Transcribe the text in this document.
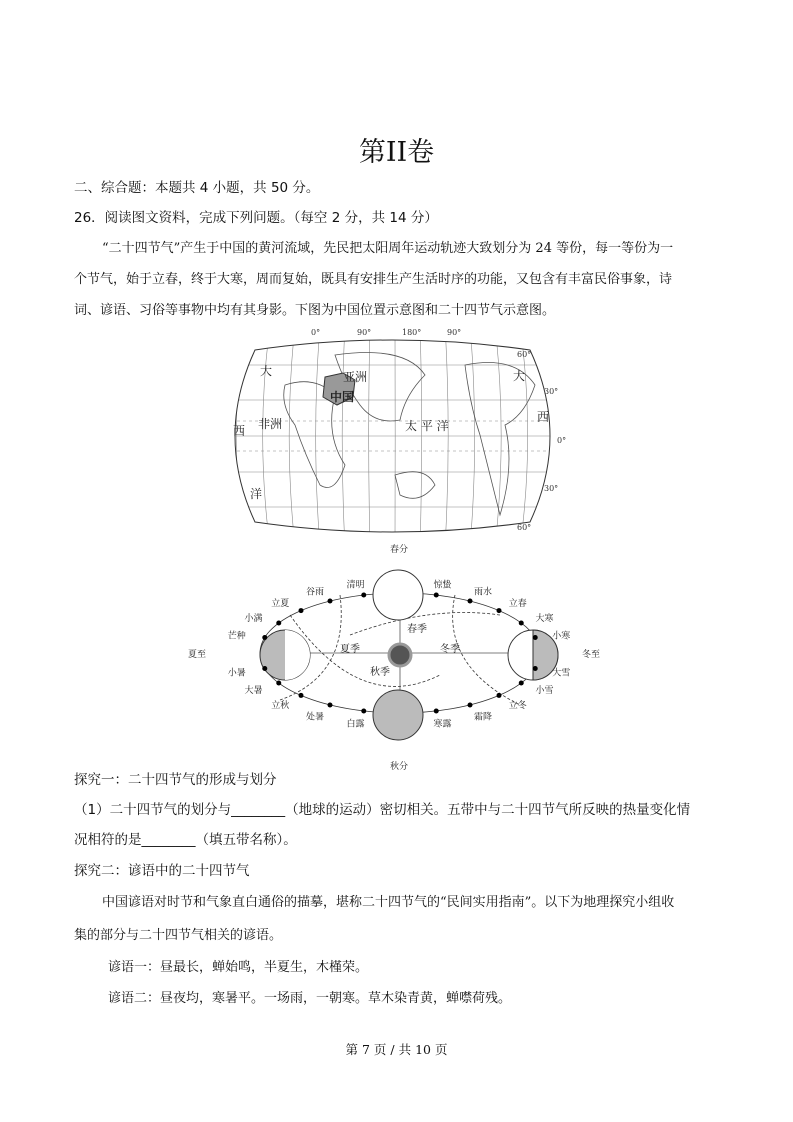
第II卷
二、综合题：本题共 4 小题，共 50 分。
26．阅读图文资料，完成下列问题。（每空 2 分，共 14 分）
“二十四节气”产生于中国的黄河流域，先民把太阳周年运动轨迹大致划分为 24 等份，每一等份为一
个节气，始于立春，终于大寒，周而复始，既具有安排生产生活时序的功能，又包含有丰富民俗事象，诗
词、谚语、习俗等事物中均有其身影。下图为中国位置示意图和二十四节气示意图。
0°	90°	180°	90°
60°
30°
0°
30°
60°
亚洲
中国
非洲	太 平 洋
大
西
洋
大
西
春分
清明
谷雨
立夏
小满
芒种
夏至
小暑
大暑
立秋
处暑
白露
秋分
寒露
霜降
立冬
小雪
大雪
冬至
小寒
大寒
立春
雨水
惊蛰
春季
夏季
秋季
冬季
探究一：二十四节气的形成与划分
（1）二十四节气的划分与________（地球的运动）密切相关。五带中与二十四节气所反映的热量变化情
况相符的是________（填五带名称）。
探究二：谚语中的二十四节气
中国谚语对时节和气象直白通俗的描摹，堪称二十四节气的“民间实用指南”。以下为地理探究小组收
集的部分与二十四节气相关的谚语。
谚语一：昼最长，蝉始鸣，半夏生，木槿荣。
谚语二：昼夜均，寒暑平。一场雨，一朝寒。草木染青黄，蝉噤荷残。
第 7 页 / 共 10 页
